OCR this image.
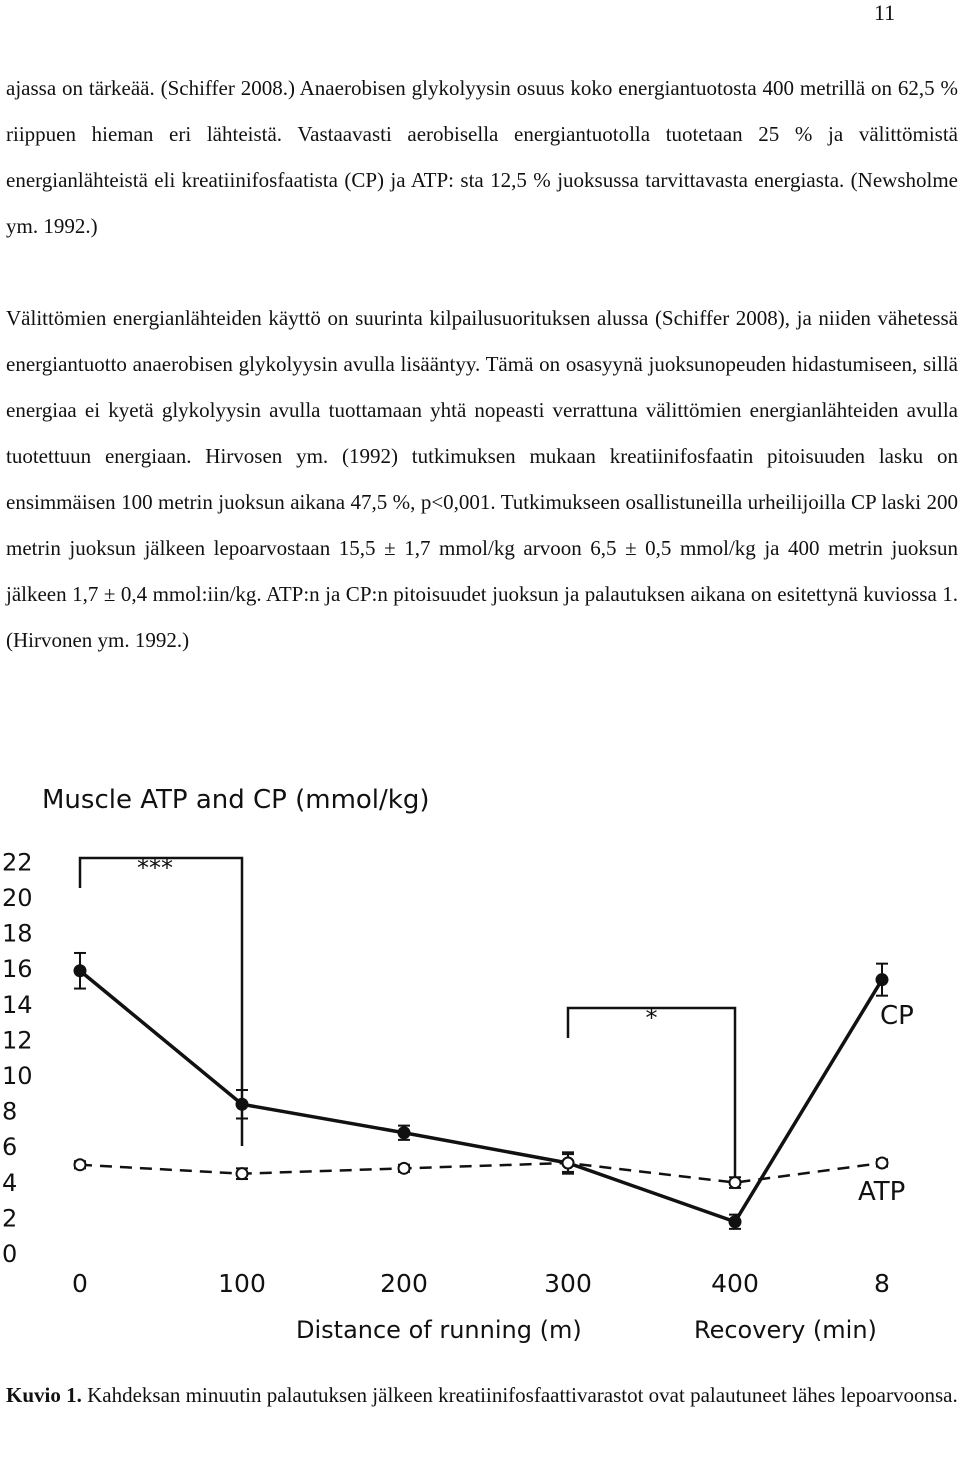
11

ajassa on tärkeää. (Schiffer 2008.) Anaerobisen glykolyysin osuus koko energiantuotosta 400 metrillä on 62,5 % riippuen hieman eri lähteistä. Vastaavasti aerobisella energiantuotolla tuotetaan 25 % ja välittömistä energianlähteistä eli kreatiinifosfaatista (CP) ja ATP: sta 12,5 % juoksussa tarvittavasta energiasta. (Newsholme ym. 1992.)

Välittömien energianlähteiden käyttö on suurinta kilpailusuorituksen alussa (Schiffer 2008), ja niiden vähetessä energiantuotto anaerobisen glykolyysin avulla lisääntyy. Tämä on osasyynä juoksunopeuden hidastumiseen, sillä energiaa ei kyetä glykolyysin avulla tuottamaan yhtä nopeasti verrattuna välittömien energianlähteiden avulla tuotettuun energiaan. Hirvosen ym. (1992) tutkimuksen mukaan kreatiinifosfaatin pitoisuuden lasku on ensimmäisen 100 metrin juoksun aikana 47,5 %, p<0,001. Tutkimukseen osallistuneilla urheilijoilla CP laski 200 metrin juoksun jälkeen lepoarvostaan 15,5 ± 1,7 mmol/kg arvoon 6,5 ± 0,5 mmol/kg ja 400 metrin juoksun jälkeen 1,7 ± 0,4 mmol:iin/kg. ATP:n ja CP:n pitoisuudet juoksun ja palautuksen aikana on esitettynä kuviossa 1. (Hirvonen ym. 1992.)

Muscle ATP and CP (mmol/kg)
0
2
4
6
8
10
12
14
16
18
20
22
0	100	200	300	400	8
Distance of running (m)	Recovery (min)
***
*	CP
ATP

Kuvio 1. Kahdeksan minuutin palautuksen jälkeen kreatiinifosfaattivarastot ovat palautuneet lähes lepoarvoonsa.
